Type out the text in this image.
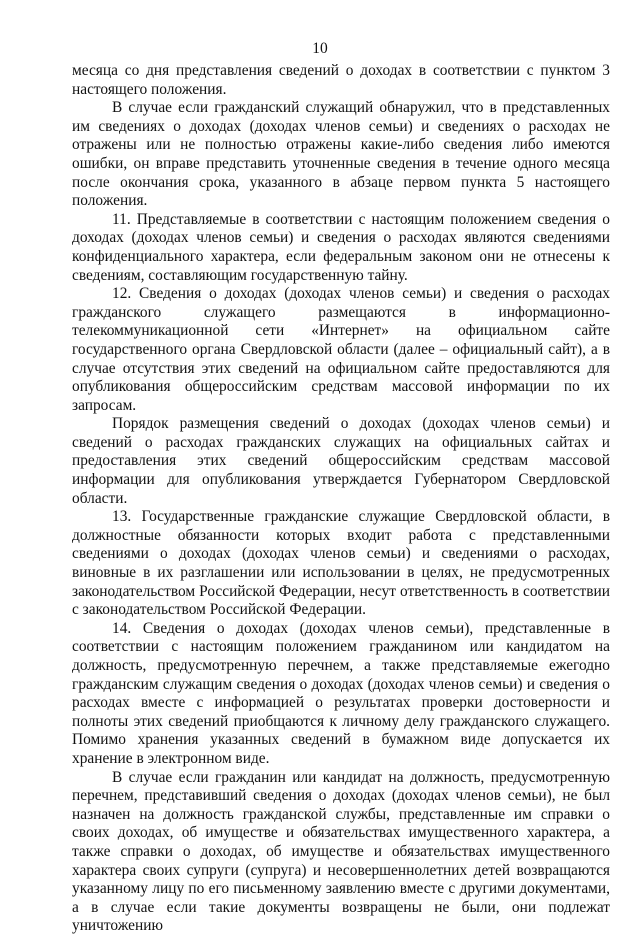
10

месяца со дня представления сведений о доходах в соответствии с пунктом 3 настоящего положения.

В случае если гражданский служащий обнаружил, что в представленных им сведениях о доходах (доходах членов семьи) и сведениях о расходах не отражены или не полностью отражены какие-либо сведения либо имеются ошибки, он вправе представить уточненные сведения в течение одного месяца после окончания срока, указанного в абзаце первом пункта 5 настоящего положения.

11. Представляемые в соответствии с настоящим положением сведения о доходах (доходах членов семьи) и сведения о расходах являются сведениями конфиденциального характера, если федеральным законом они не отнесены к сведениям, составляющим государственную тайну.

12. Сведения о доходах (доходах членов семьи) и сведения о расходах гражданского служащего размещаются в информационно-телекоммуникационной сети «Интернет» на официальном сайте государственного органа Свердловской области (далее – официальный сайт), а в случае отсутствия этих сведений на официальном сайте предоставляются для опубликования общероссийским средствам массовой информации по их запросам.

Порядок размещения сведений о доходах (доходах членов семьи) и сведений о расходах гражданских служащих на официальных сайтах и предоставления этих сведений общероссийским средствам массовой информации для опубликования утверждается Губернатором Свердловской области.

13. Государственные гражданские служащие Свердловской области, в должностные обязанности которых входит работа с представленными сведениями о доходах (доходах членов семьи) и сведениями о расходах, виновные в их разглашении или использовании в целях, не предусмотренных законодательством Российской Федерации, несут ответственность в соответствии с законодательством Российской Федерации.

14. Сведения о доходах (доходах членов семьи), представленные в соответствии с настоящим положением гражданином или кандидатом на должность, предусмотренную перечнем, а также представляемые ежегодно гражданским служащим сведения о доходах (доходах членов семьи) и сведения о расходах вместе с информацией о результатах проверки достоверности и полноты этих сведений приобщаются к личному делу гражданского служащего. Помимо хранения указанных сведений в бумажном виде допускается их хранение в электронном виде.

В случае если гражданин или кандидат на должность, предусмотренную перечнем, представивший сведения о доходах (доходах членов семьи), не был назначен на должность гражданской службы, представленные им справки о своих доходах, об имуществе и обязательствах имущественного характера, а также справки о доходах, об имуществе и обязательствах имущественного характера своих супруги (супруга) и несовершеннолетних детей возвращаются указанному лицу по его письменному заявлению вместе с другими документами, а в случае если такие документы возвращены не были, они подлежат уничтожению
